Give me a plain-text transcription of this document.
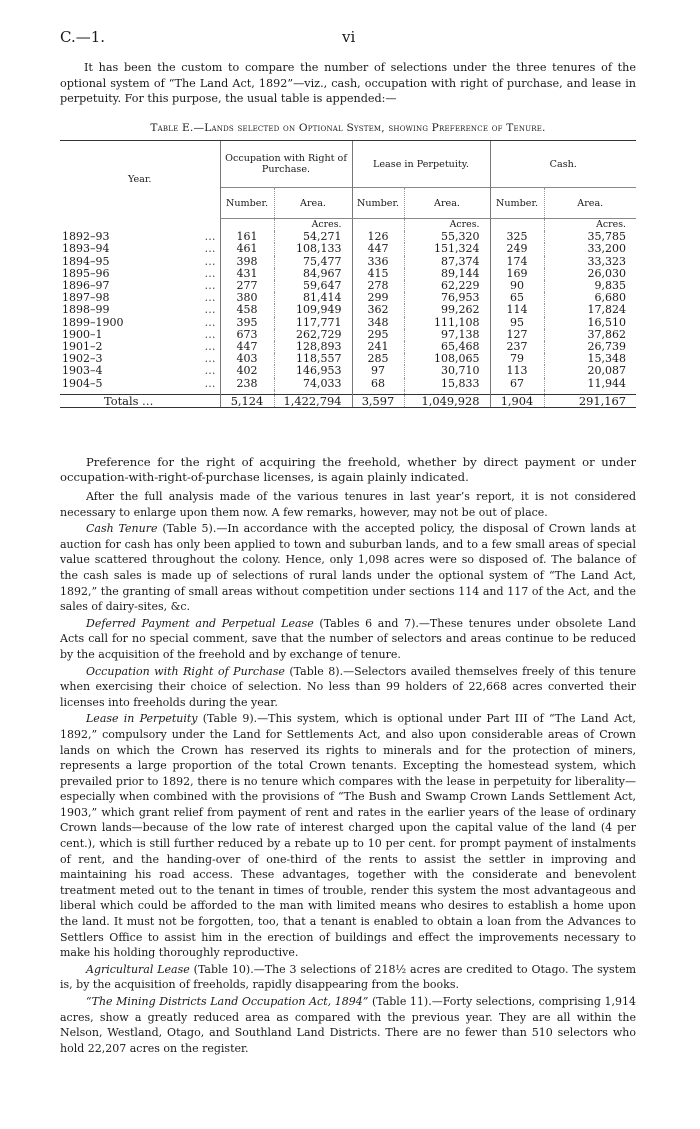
C.—1.	vi
It has been the custom to compare the number of selections under the three tenures of the optional system of “The Land Act, 1892”—viz., cash, occupation with right of purchase, and lease in perpetuity. For this purpose, the usual table is appended:—
Table E.—Lands selected on Optional System, showing Preference of Tenure.
Year.	Occupation with Right of Purchase.		Lease in Perpetuity.		Cash.	
	Number.	Area.	Number.	Area.	Number.	Area.
		Acres.		Acres.		Acres.
1892–93 …	161	54,271	126	55,320	325	35,785
1893–94 …	461	108,133	447	151,324	249	33,200
1894–95 …	398	75,477	336	87,374	174	33,323
1895–96 …	431	84,967	415	89,144	169	26,030
1896–97 …	277	59,647	278	62,229	90	9,835
1897–98 …	380	81,414	299	76,953	65	6,680
1898–99 …	458	109,949	362	99,262	114	17,824
1899–1900 …	395	117,771	348	111,108	95	16,510
1900–1 …	673	262,729	295	97,138	127	37,862
1901–2 …	447	128,893	241	65,468	237	26,739
1902–3 …	403	118,557	285	108,065	79	15,348
1903–4 …	402	146,953	97	30,710	113	20,087
1904–5 …	238	74,033	68	15,833	67	11,944

Totals …	5,124	1,422,794	3,597	1,049,928	1,904	291,167

Preference for the right of acquiring the freehold, whether by direct payment or under occupation-with-right-of-purchase licenses, is again plainly indicated.

After the full analysis made of the various tenures in last year’s report, it is not considered necessary to enlarge upon them now. A few remarks, however, may not be out of place.

Cash Tenure (Table 5).—In accordance with the accepted policy, the disposal of Crown lands at auction for cash has only been applied to town and suburban lands, and to a few small areas of special value scattered throughout the colony. Hence, only 1,098 acres were so disposed of. The balance of the cash sales is made up of selections of rural lands under the optional system of “The Land Act, 1892,” the granting of small areas without competition under sections 114 and 117 of the Act, and the sales of dairy-sites, &c.

Deferred Payment and Perpetual Lease (Tables 6 and 7).—These tenures under obsolete Land Acts call for no special comment, save that the number of selectors and areas continue to be reduced by the acquisition of the freehold and by exchange of tenure.

Occupation with Right of Purchase (Table 8).—Selectors availed themselves freely of this tenure when exercising their choice of selection. No less than 99 holders of 22,668 acres converted their licenses into freeholds during the year.

Lease in Perpetuity (Table 9).—This system, which is optional under Part III of “The Land Act, 1892,” compulsory under the Land for Settlements Act, and also upon considerable areas of Crown lands on which the Crown has reserved its rights to minerals and for the protection of miners, represents a large proportion of the total Crown tenants. Excepting the homestead system, which prevailed prior to 1892, there is no tenure which compares with the lease in perpetuity for liberality—especially when combined with the provisions of “The Bush and Swamp Crown Lands Settlement Act, 1903,” which grant relief from payment of rent and rates in the earlier years of the lease of ordinary Crown lands—because of the low rate of interest charged upon the capital value of the land (4 per cent.), which is still further reduced by a rebate up to 10 per cent. for prompt payment of instalments of rent, and the handing-over of one-third of the rents to assist the settler in improving and maintaining his road access. These advantages, together with the considerate and benevolent treatment meted out to the tenant in times of trouble, render this system the most advantageous and liberal which could be afforded to the man with limited means who desires to establish a home upon the land. It must not be forgotten, too, that a tenant is enabled to obtain a loan from the Advances to Settlers Office to assist him in the erection of buildings and effect the improvements necessary to make his holding thoroughly reproductive.

Agricultural Lease (Table 10).—The 3 selections of 218½ acres are credited to Otago. The system is, by the acquisition of freeholds, rapidly disappearing from the books.

“The Mining Districts Land Occupation Act, 1894” (Table 11).—Forty selections, comprising 1,914 acres, show a greatly reduced area as compared with the previous year. They are all within the Nelson, Westland, Otago, and Southland Land Districts. There are no fewer than 510 selectors who hold 22,207 acres on the register.
